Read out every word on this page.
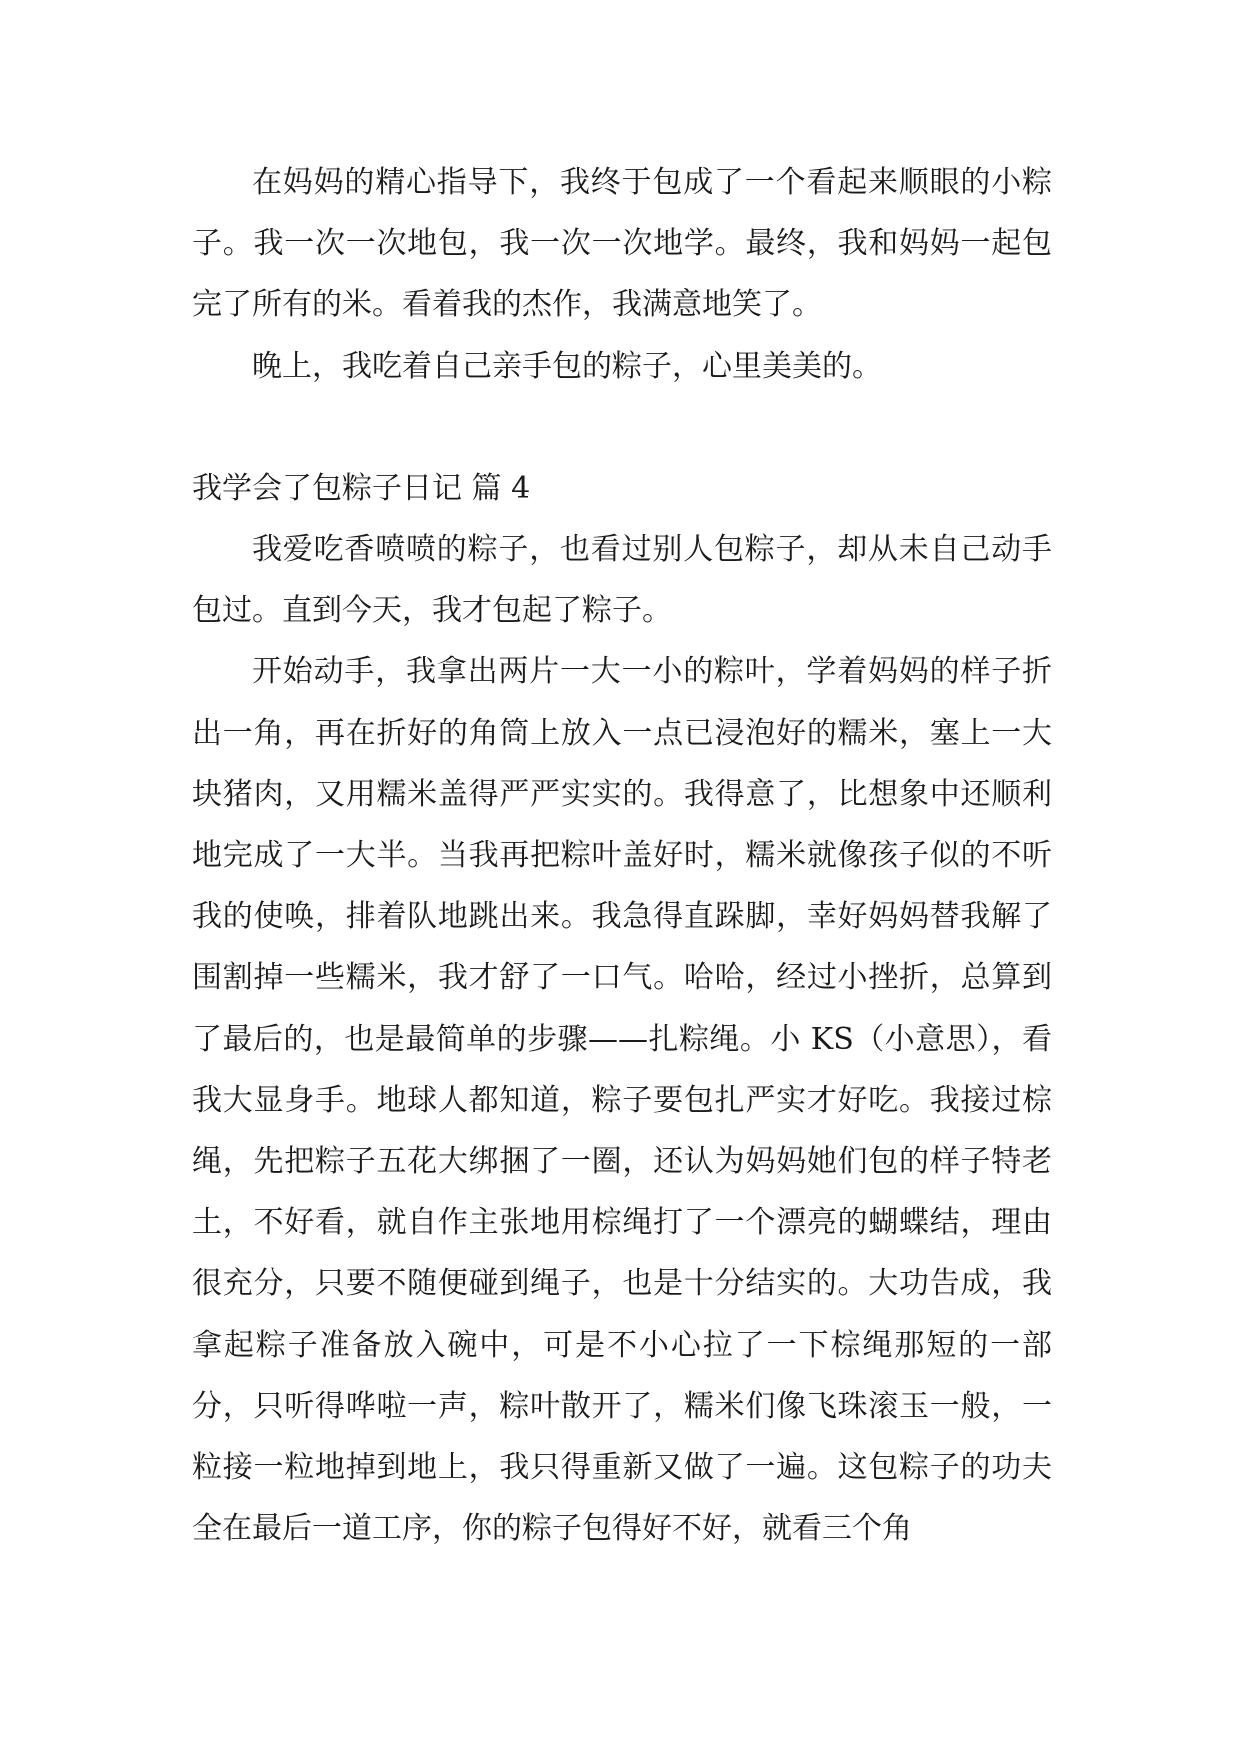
在妈妈的精心指导下，我终于包成了一个看起来顺眼的小粽子。我一次一次地包，我一次一次地学。最终，我和妈妈一起包完了所有的米。看着我的杰作，我满意地笑了。

晚上，我吃着自己亲手包的粽子，心里美美的。

我学会了包粽子日记 篇 4

我爱吃香喷喷的粽子，也看过别人包粽子，却从未自己动手包过。直到今天，我才包起了粽子。

开始动手，我拿出两片一大一小的粽叶，学着妈妈的样子折出一角，再在折好的角筒上放入一点已浸泡好的糯米，塞上一大块猪肉，又用糯米盖得严严实实的。我得意了，比想象中还顺利地完成了一大半。当我再把粽叶盖好时，糯米就像孩子似的不听我的使唤，排着队地跳出来。我急得直跺脚，幸好妈妈替我解了围割掉一些糯米，我才舒了一口气。哈哈，经过小挫折，总算到了最后的，也是最简单的步骤——扎粽绳。小 KS（小意思），看我大显身手。地球人都知道，粽子要包扎严实才好吃。我接过棕绳，先把粽子五花大绑捆了一圈，还认为妈妈她们包的样子特老土，不好看，就自作主张地用棕绳打了一个漂亮的蝴蝶结，理由很充分，只要不随便碰到绳子，也是十分结实的。大功告成，我拿起粽子准备放入碗中，可是不小心拉了一下棕绳那短的一部分，只听得哗啦一声，粽叶散开了，糯米们像飞珠滚玉一般，一粒接一粒地掉到地上，我只得重新又做了一遍。这包粽子的功夫全在最后一道工序，你的粽子包得好不好，就看三个角
